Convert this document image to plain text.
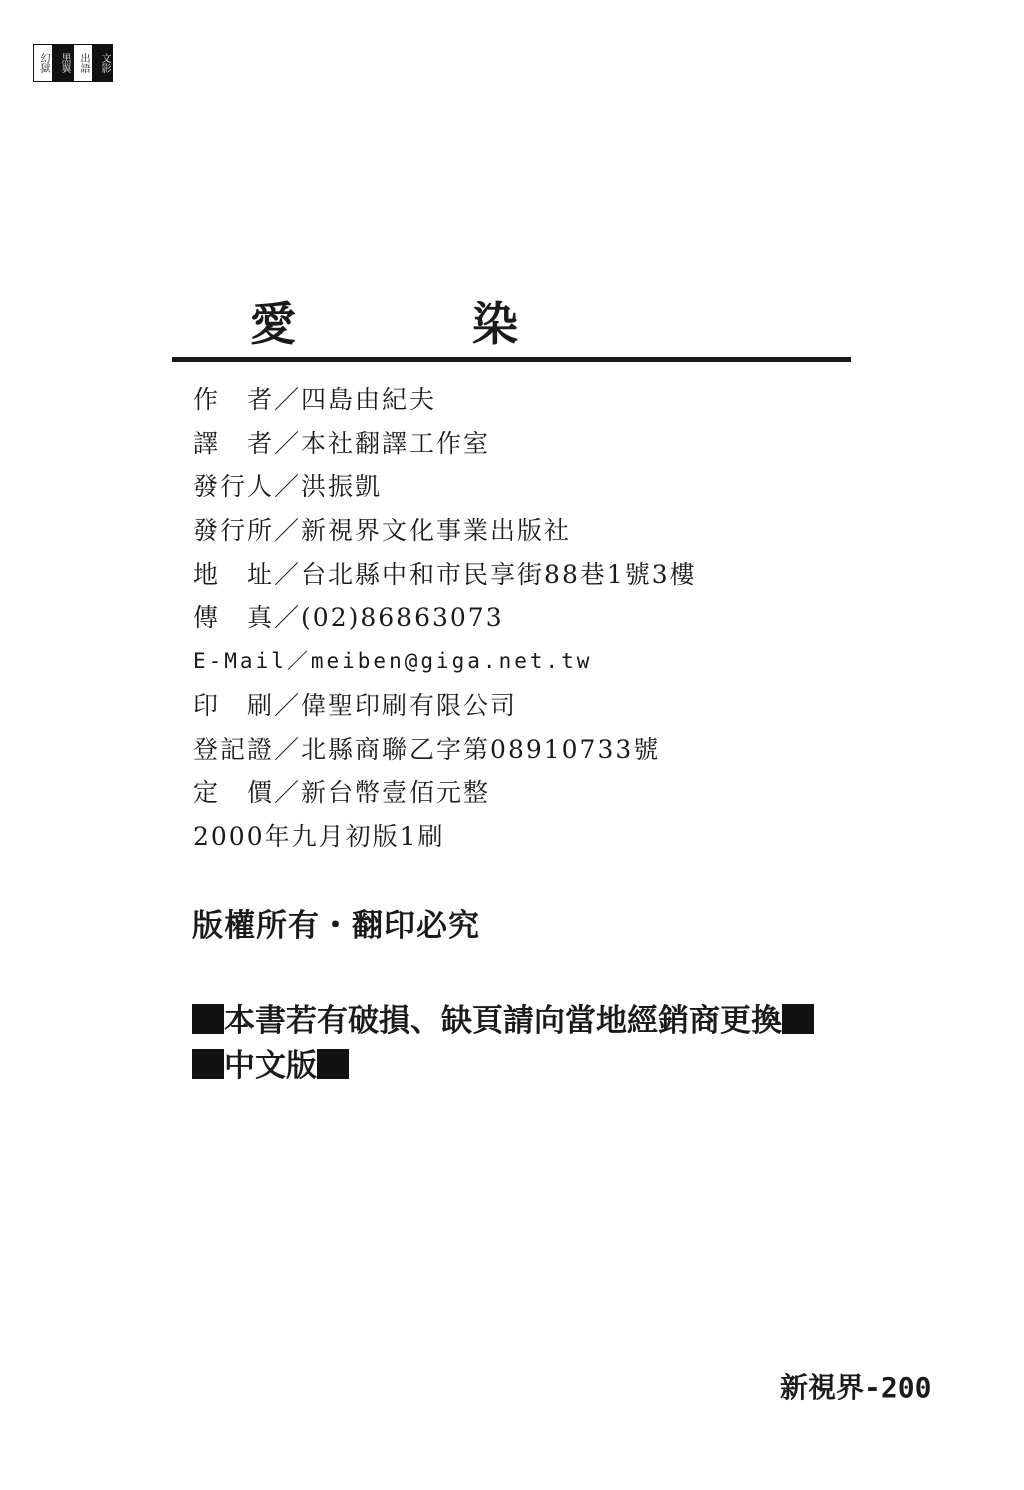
幻獄
黑翼
出語
文影
愛 染
作　者／四島由紀夫
譯　者／本社翻譯工作室
發行人／洪振凱
發行所／新視界文化事業出版社
地　址／台北縣中和市民享街88巷1號3樓
傳　真／(02)86863073
E-Mail／meiben@giga.net.tw
印　刷／偉聖印刷有限公司
登記證／北縣商聯乙字第08910733號
定　價／新台幣壹佰元整
2000年九月初版1刷
版權所有・翻印必究
本書若有破損、缺頁請向當地經銷商更換
中文版
新視界-200
